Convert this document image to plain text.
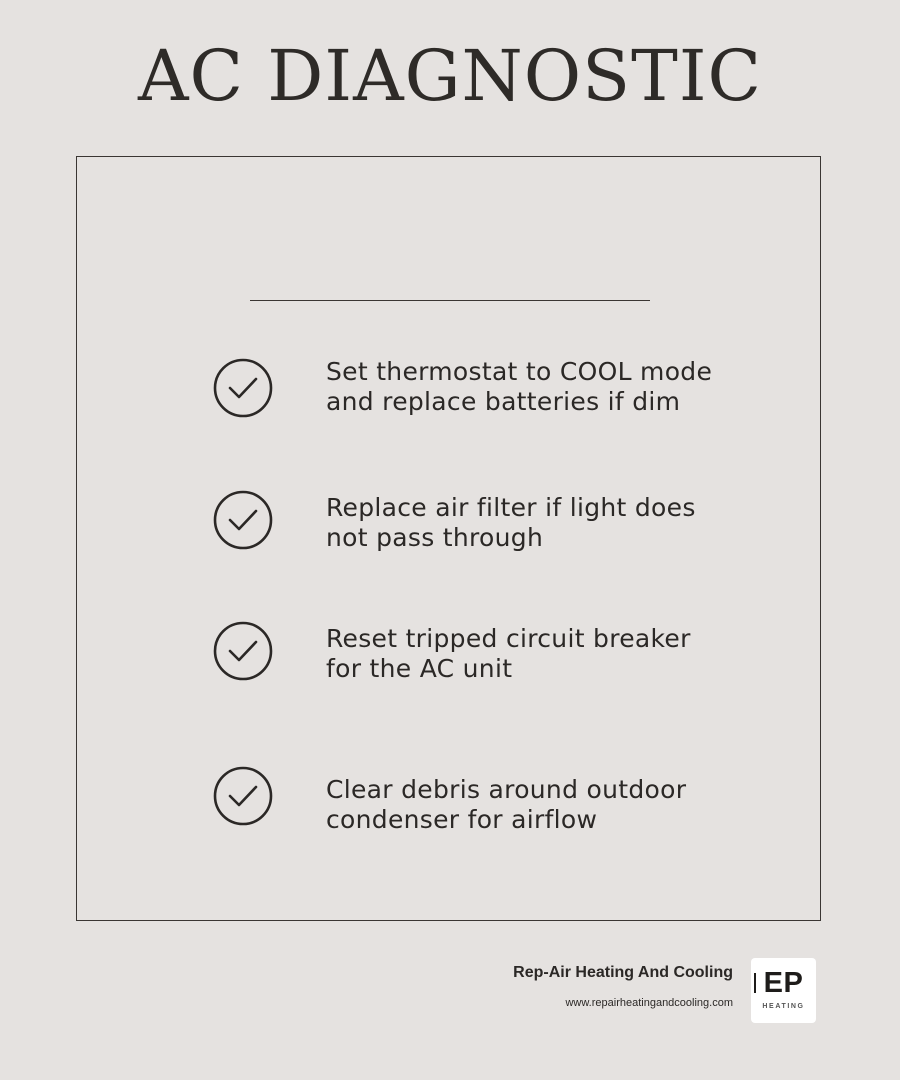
AC DIAGNOSTIC
Set thermostat to COOL mode
and replace batteries if dim
Replace air filter if light does
not pass through
Reset tripped circuit breaker
for the AC unit
Clear debris around outdoor
condenser for airflow
Rep-Air Heating And Cooling
www.repairheatingandcooling.com
EP
HEATING
